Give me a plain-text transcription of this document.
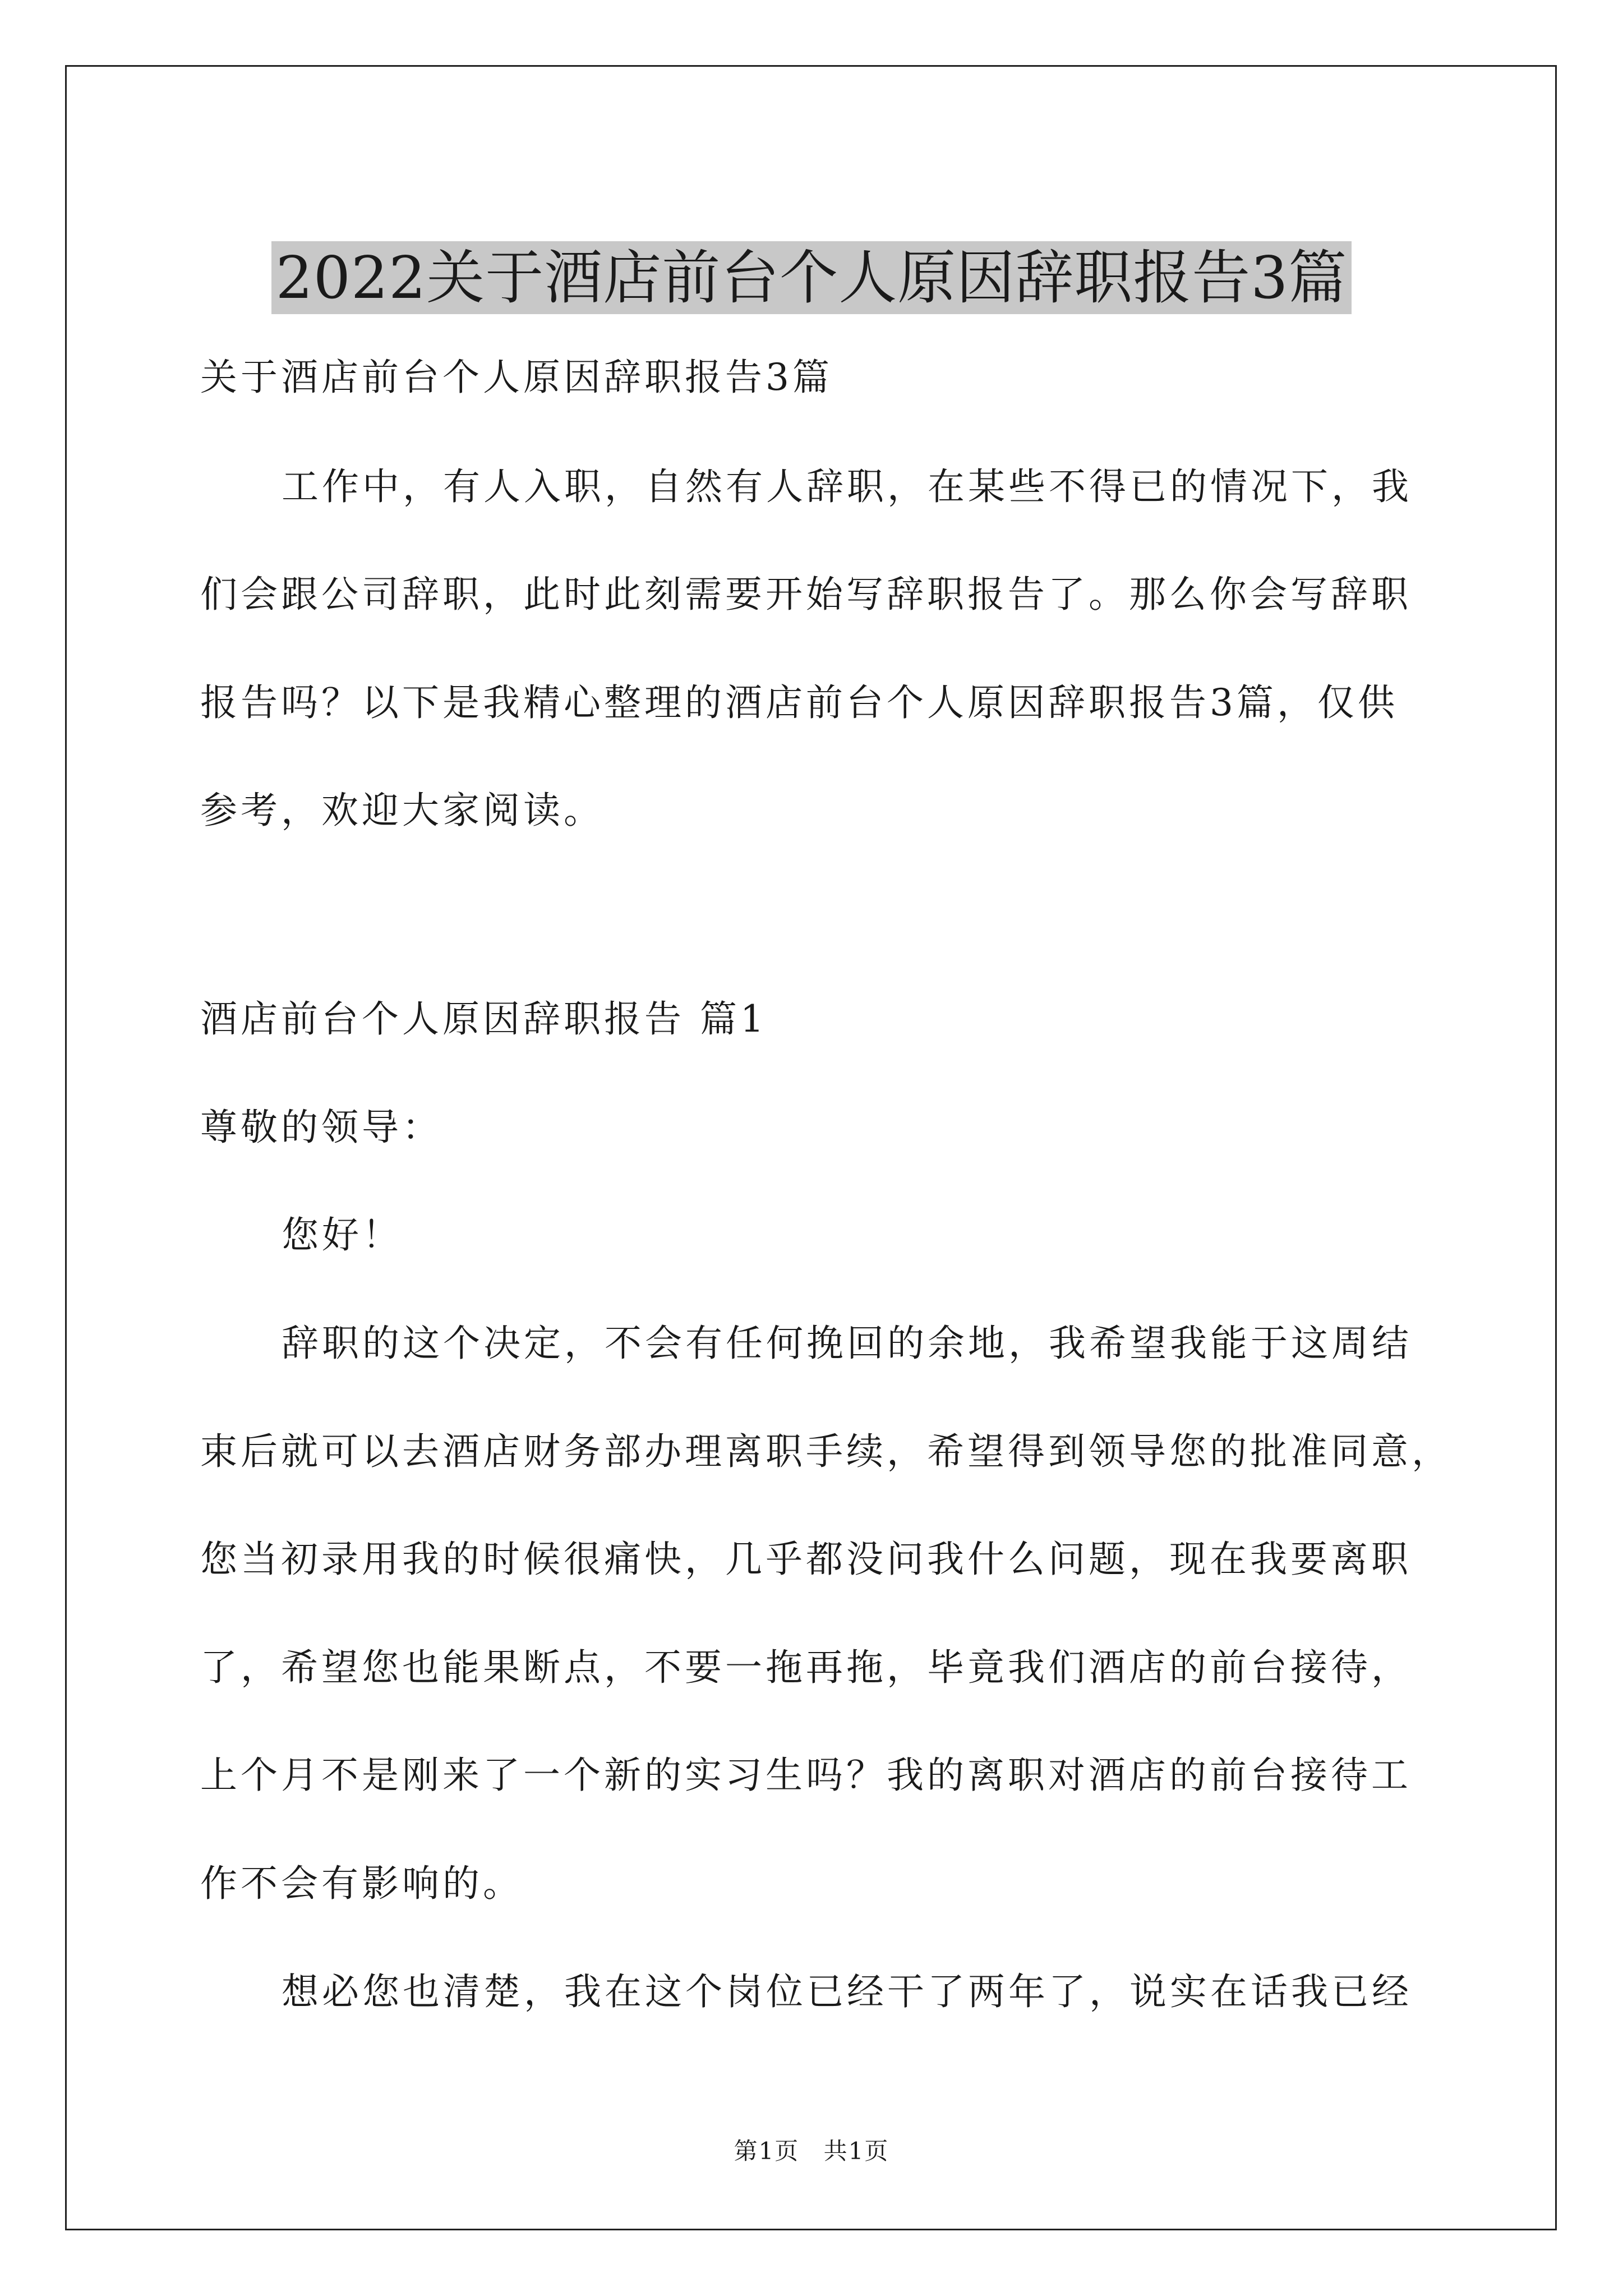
2022关于酒店前台个人原因辞职报告3篇
关于酒店前台个人原因辞职报告3篇
工作中，有人入职，自然有人辞职，在某些不得已的情况下，我
们会跟公司辞职，此时此刻需要开始写辞职报告了。那么你会写辞职
报告吗？以下是我精心整理的酒店前台个人原因辞职报告3篇，仅供
参考，欢迎大家阅读。
酒店前台个人原因辞职报告 篇1
尊敬的领导：
您好！
辞职的这个决定，不会有任何挽回的余地，我希望我能于这周结
束后就可以去酒店财务部办理离职手续，希望得到领导您的批准同意，
您当初录用我的时候很痛快，几乎都没问我什么问题，现在我要离职
了，希望您也能果断点，不要一拖再拖，毕竟我们酒店的前台接待，
上个月不是刚来了一个新的实习生吗？我的离职对酒店的前台接待工
作不会有影响的。
想必您也清楚，我在这个岗位已经干了两年了，说实在话我已经
第1页 共1页
